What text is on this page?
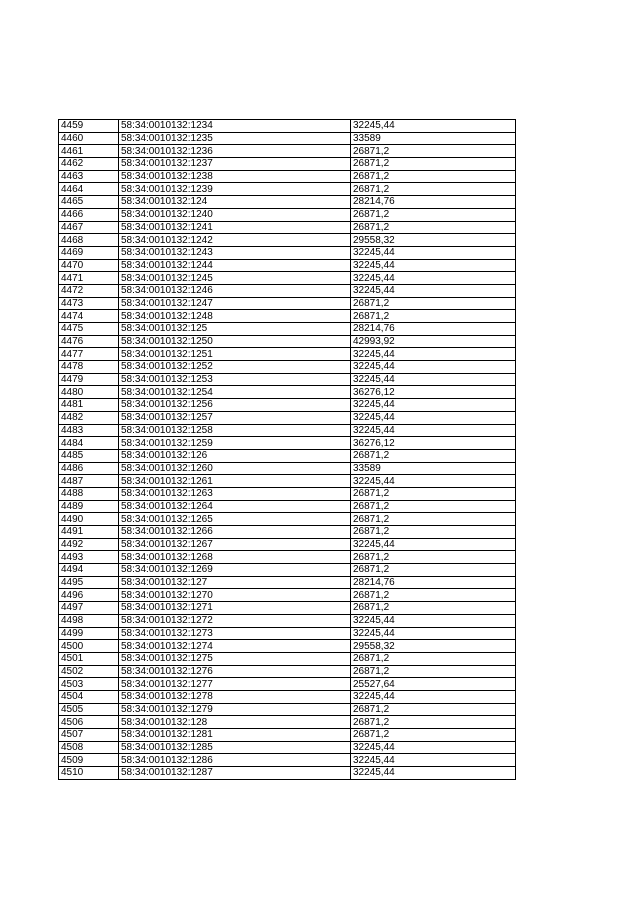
4459	58:34:0010132:1234	32245,44
4460	58:34:0010132:1235	33589
4461	58:34:0010132:1236	26871,2
4462	58:34:0010132:1237	26871,2
4463	58:34:0010132:1238	26871,2
4464	58:34:0010132:1239	26871,2
4465	58:34:0010132:124	28214,76
4466	58:34:0010132:1240	26871,2
4467	58:34:0010132:1241	26871,2
4468	58:34:0010132:1242	29558,32
4469	58:34:0010132:1243	32245,44
4470	58:34:0010132:1244	32245,44
4471	58:34:0010132:1245	32245,44
4472	58:34:0010132:1246	32245,44
4473	58:34:0010132:1247	26871,2
4474	58:34:0010132:1248	26871,2
4475	58:34:0010132:125	28214,76
4476	58:34:0010132:1250	42993,92
4477	58:34:0010132:1251	32245,44
4478	58:34:0010132:1252	32245,44
4479	58:34:0010132:1253	32245,44
4480	58:34:0010132:1254	36276,12
4481	58:34:0010132:1256	32245,44
4482	58:34:0010132:1257	32245,44
4483	58:34:0010132:1258	32245,44
4484	58:34:0010132:1259	36276,12
4485	58:34:0010132:126	26871,2
4486	58:34:0010132:1260	33589
4487	58:34:0010132:1261	32245,44
4488	58:34:0010132:1263	26871,2
4489	58:34:0010132:1264	26871,2
4490	58:34:0010132:1265	26871,2
4491	58:34:0010132:1266	26871,2
4492	58:34:0010132:1267	32245,44
4493	58:34:0010132:1268	26871,2
4494	58:34:0010132:1269	26871,2
4495	58:34:0010132:127	28214,76
4496	58:34:0010132:1270	26871,2
4497	58:34:0010132:1271	26871,2
4498	58:34:0010132:1272	32245,44
4499	58:34:0010132:1273	32245,44
4500	58:34:0010132:1274	29558,32
4501	58:34:0010132:1275	26871,2
4502	58:34:0010132:1276	26871,2
4503	58:34:0010132:1277	25527,64
4504	58:34:0010132:1278	32245,44
4505	58:34:0010132:1279	26871,2
4506	58:34:0010132:128	26871,2
4507	58:34:0010132:1281	26871,2
4508	58:34:0010132:1285	32245,44
4509	58:34:0010132:1286	32245,44
4510	58:34:0010132:1287	32245,44
